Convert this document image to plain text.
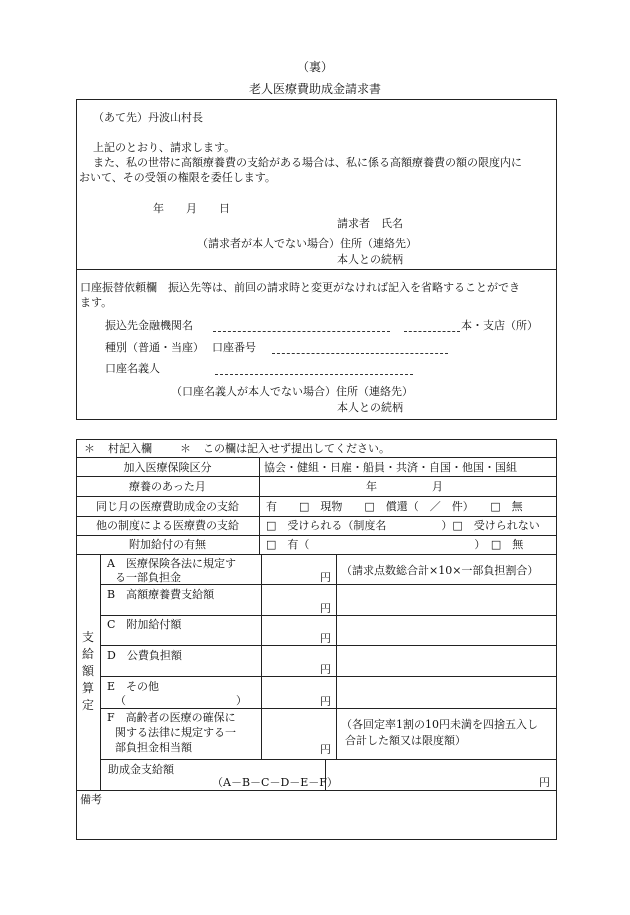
（裏）
老人医療費助成金請求書
（あて先）丹波山村長
上記のとおり、請求します。
また、私の世帯に高額療養費の支給がある場合は、私に係る高額療養費の額の限度内に
おいて、その受領の権限を委任します。
年　　月　　日
請求者　氏名
（請求者が本人でない場合）住所（連絡先）
本人との続柄
口座振替依頼欄　振込先等は、前回の請求時と変更がなければ記入を省略することができ
ます。
振込先金融機関名	本・支店（所）
種別（普通・当座） 口座番号
口座名義人
（口座名義人が本人でない場合）住所（連絡先）
本人との続柄
＊ 村記入欄	＊ この欄は記入せず提出してください。
加入医療保険区分	協会・健組・日雇・船員・共済・自国・他国・国組
療養のあった月	年　　　　　月
同じ月の医療費助成金の支給	有　　□　現物　　□　償還（　／　件）　　□　無
他の制度による医療費の支給	□　受けられる（制度名　　　　　）□　受けられない
附加給付の有無	□　有（　　　　　　　　　　　　　　　）　□　無
支
給
額
算
定
A　医療保険各法に規定す
る一部負担金	円
（請求点数総合計×10×一部負担割合）
B　高額療養費支給額
円
C　附加給付額
円
D　公費負担額
円
E　その他
（　　　　　　　　　　）	円
F　高齢者の医療の確保に
関する法律に規定する一
部負担金相当額	円
（各回定率1割の10円未満を四捨五入し
合計した額又は限度額）
助成金支給額
（A－B－C－D－E－F）	円
備考
